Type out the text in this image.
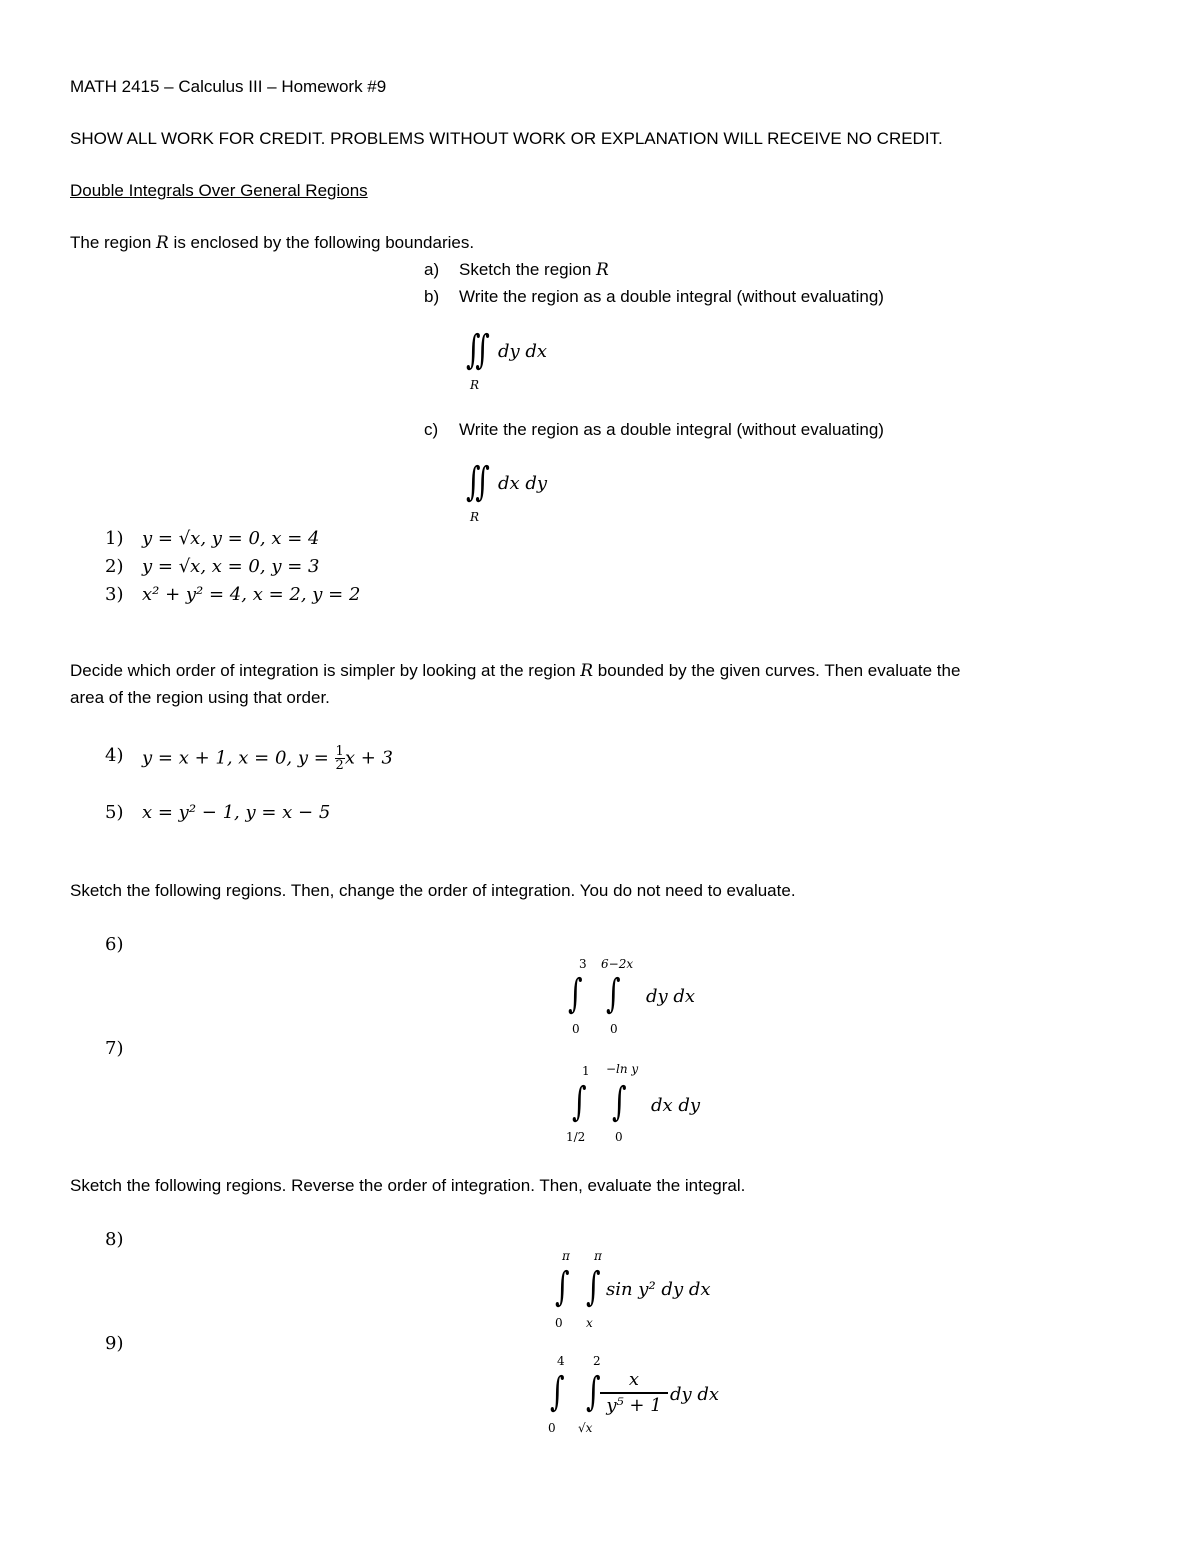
MATH 2415 – Calculus III – Homework #9
SHOW ALL WORK FOR CREDIT. PROBLEMS WITHOUT WORK OR EXPLANATION WILL RECEIVE NO CREDIT.
Double Integrals Over General Regions
The region R is enclosed by the following boundaries.
a) Sketch the region R
b) Write the region as a double integral (without evaluating)
∬ dy dx
R
c) Write the region as a double integral (without evaluating)
∬ dx dy
R
1) y = √x, y = 0, x = 4
2) y = √x, x = 0, y = 3
3) x² + y² = 4, x = 2, y = 2
Decide which order of integration is simpler by looking at the region R bounded by the given curves. Then evaluate the
area of the region using that order.
4) y = x + 1, x = 0, $y = \frac{1}{2}$ x + 3
5) x = y² − 1, y = x − 5
Sketch the following regions. Then, change the order of integration. You do not need to evaluate.
6)
3 6−2x
∫ ∫ dy dx
0	0
7)
1 −ln y
∫ ∫ dx dy
1/2 0
Sketch the following regions. Reverse the order of integration. Then, evaluate the integral.
8)
π π
∫ ∫ sin y² dy dx
0 x
9)
4 2
∫ ∫ $\frac{x}{\text{y⁵ + 1}}$ dy dx
0 √x
